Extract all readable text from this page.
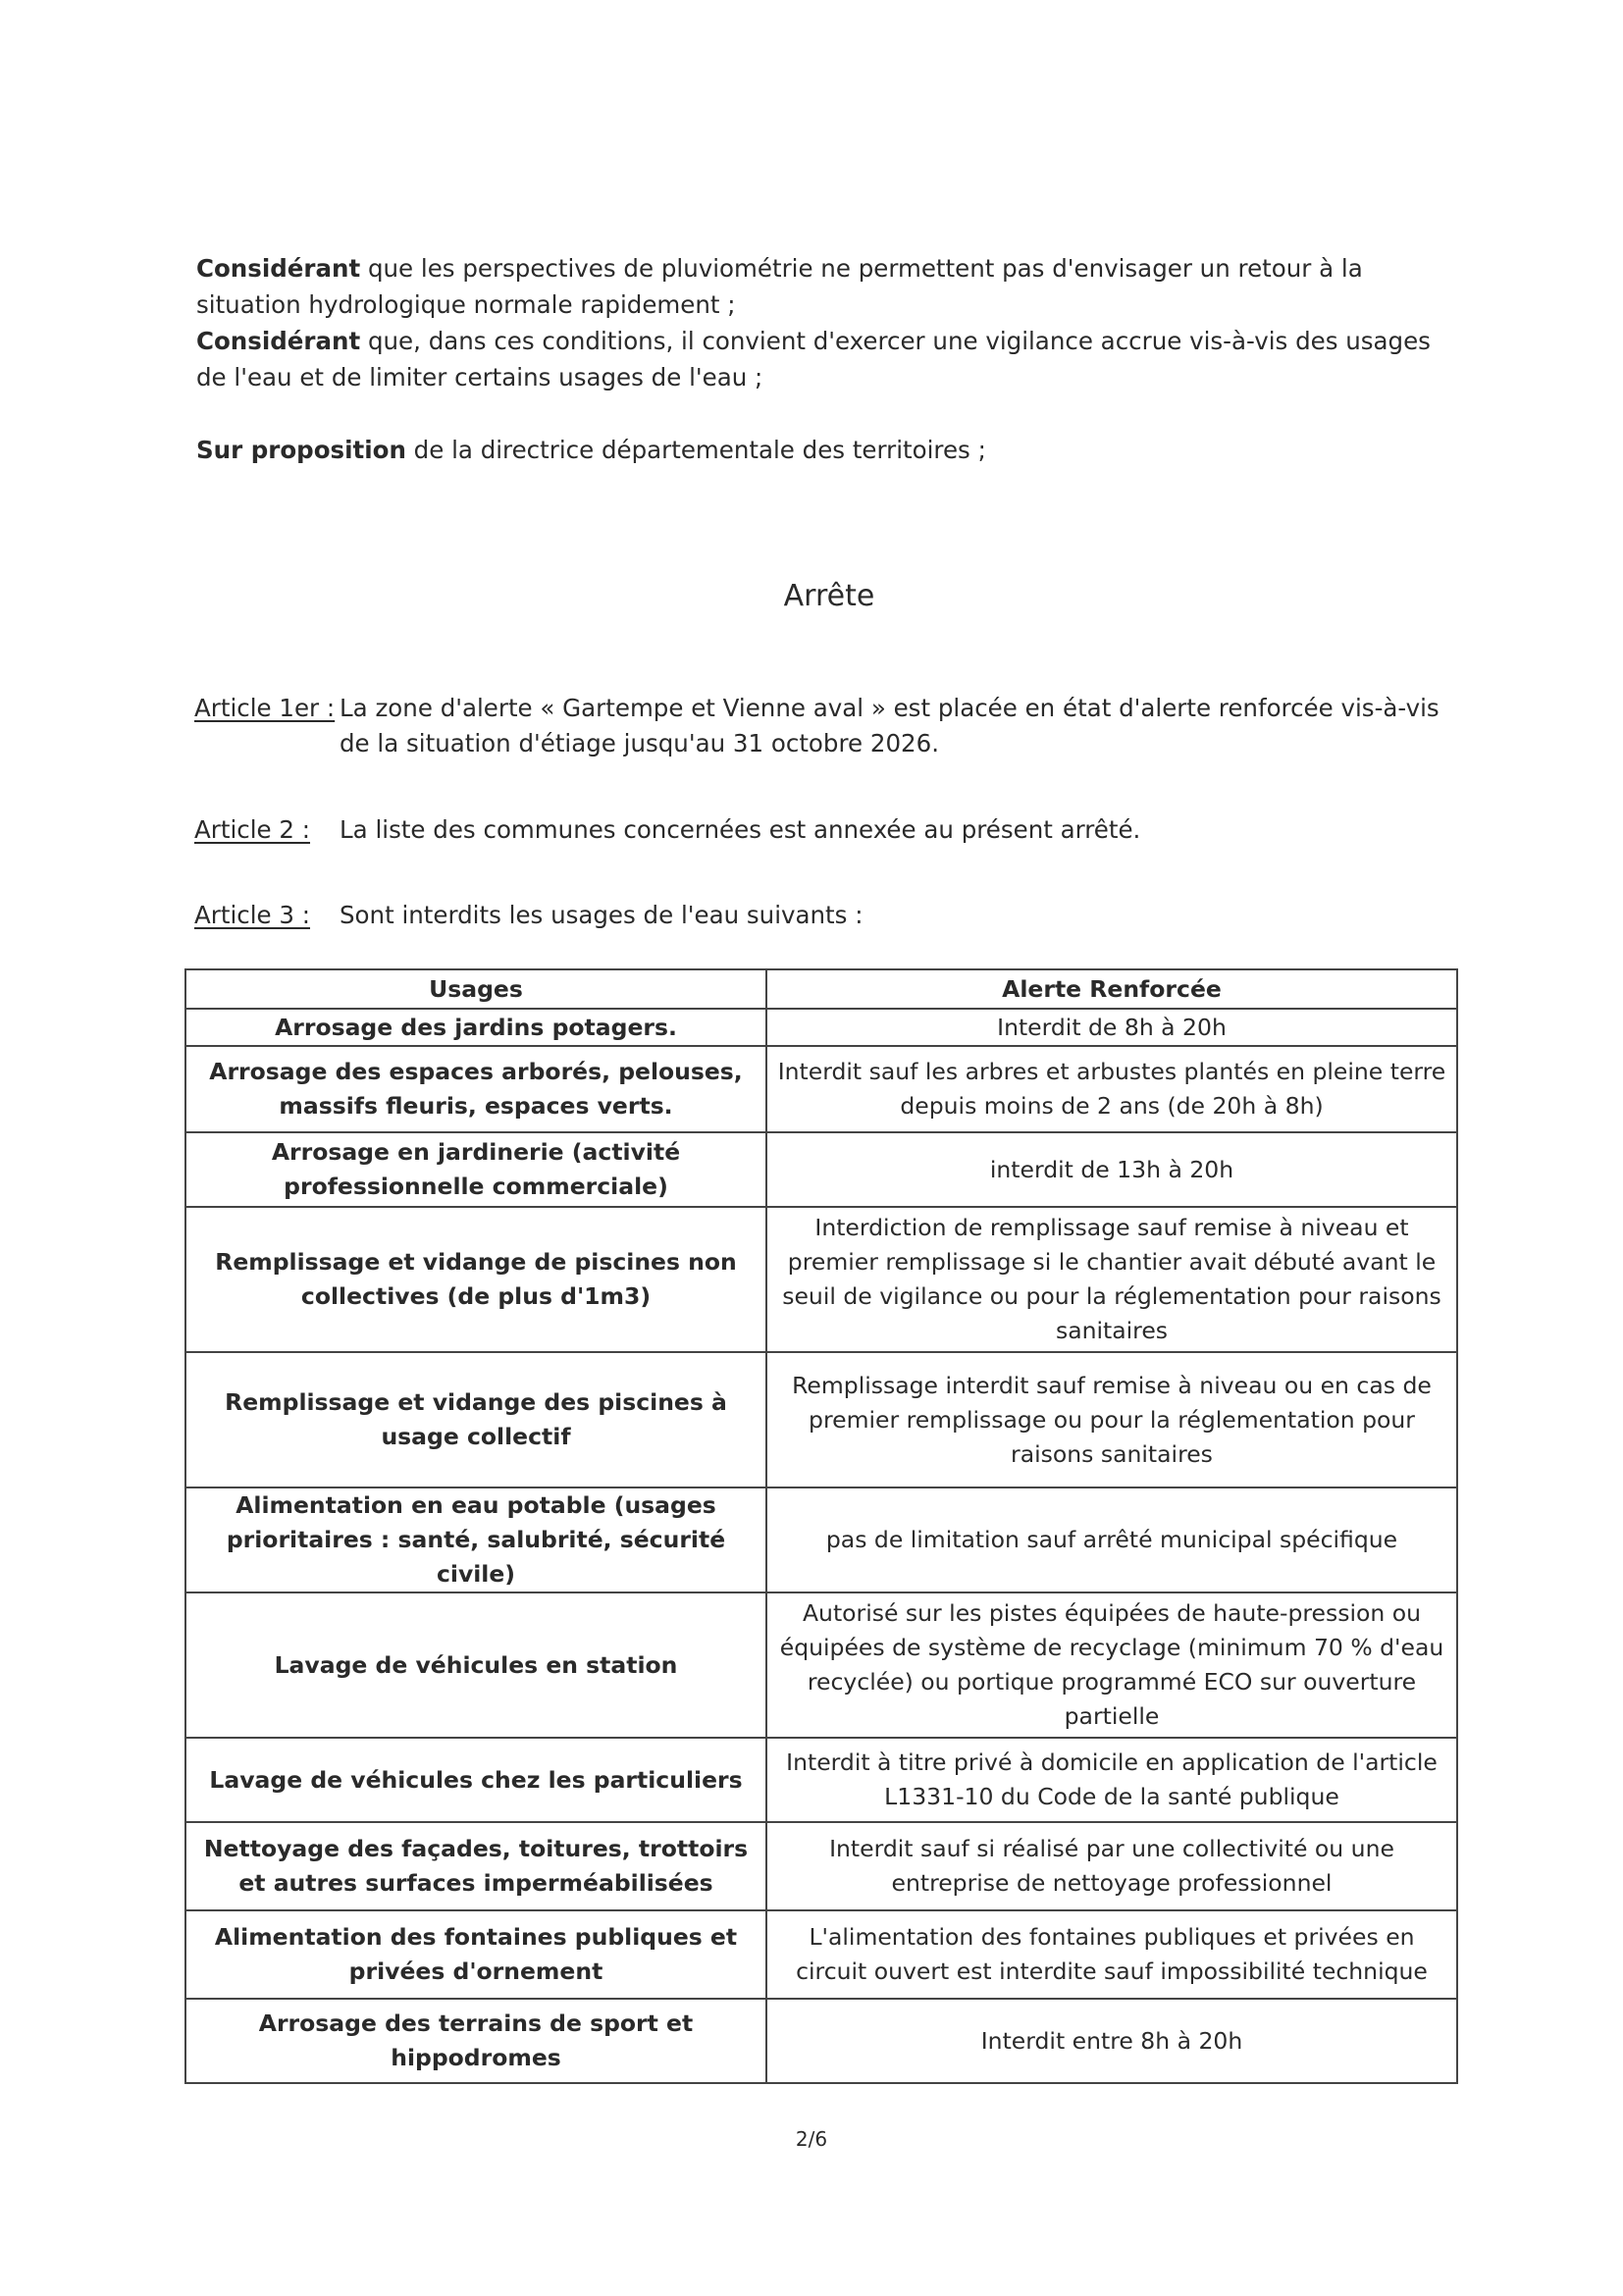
Considérant que les perspectives de pluviométrie ne permettent pas d'envisager un retour à la situation hydrologique normale rapidement ;
Considérant que, dans ces conditions, il convient d'exercer une vigilance accrue vis-à-vis des usages de l'eau et de limiter certains usages de l'eau ;
Sur proposition de la directrice départementale des territoires ;
Arrête
Article 1er : La zone d'alerte « Gartempe et Vienne aval » est placée en état d'alerte renforcée vis-à-vis de la situation d'étiage jusqu'au 31 octobre 2026.
Article 2 : La liste des communes concernées est annexée au présent arrêté.
Article 3 : Sont interdits les usages de l'eau suivants :
Usages	Alerte Renforcée
Arrosage des jardins potagers.	Interdit de 8h à 20h
Arrosage des espaces arborés, pelouses, massifs fleuris, espaces verts.	Interdit sauf les arbres et arbustes plantés en pleine terre depuis moins de 2 ans (de 20h à 8h)
Arrosage en jardinerie (activité professionnelle commerciale)	interdit de 13h à 20h
Remplissage et vidange de piscines non collectives (de plus d'1m3)	Interdiction de remplissage sauf remise à niveau et premier remplissage si le chantier avait débuté avant le seuil de vigilance ou pour la réglementation pour raisons sanitaires
Remplissage et vidange des piscines à usage collectif	Remplissage interdit sauf remise à niveau ou en cas de premier remplissage ou pour la réglementation pour raisons sanitaires
Alimentation en eau potable (usages prioritaires : santé, salubrité, sécurité civile)	pas de limitation sauf arrêté municipal spécifique
Lavage de véhicules en station	Autorisé sur les pistes équipées de haute-pression ou équipées de système de recyclage (minimum 70 % d'eau recyclée) ou portique programmé ECO sur ouverture partielle
Lavage de véhicules chez les particuliers	Interdit à titre privé à domicile en application de l'article L1331-10 du Code de la santé publique
Nettoyage des façades, toitures, trottoirs et autres surfaces imperméabilisées	Interdit sauf si réalisé par une collectivité ou une entreprise de nettoyage professionnel
Alimentation des fontaines publiques et privées d'ornement	L'alimentation des fontaines publiques et privées en circuit ouvert est interdite sauf impossibilité technique
Arrosage des terrains de sport et hippodromes	Interdit entre 8h à 20h
2/6
